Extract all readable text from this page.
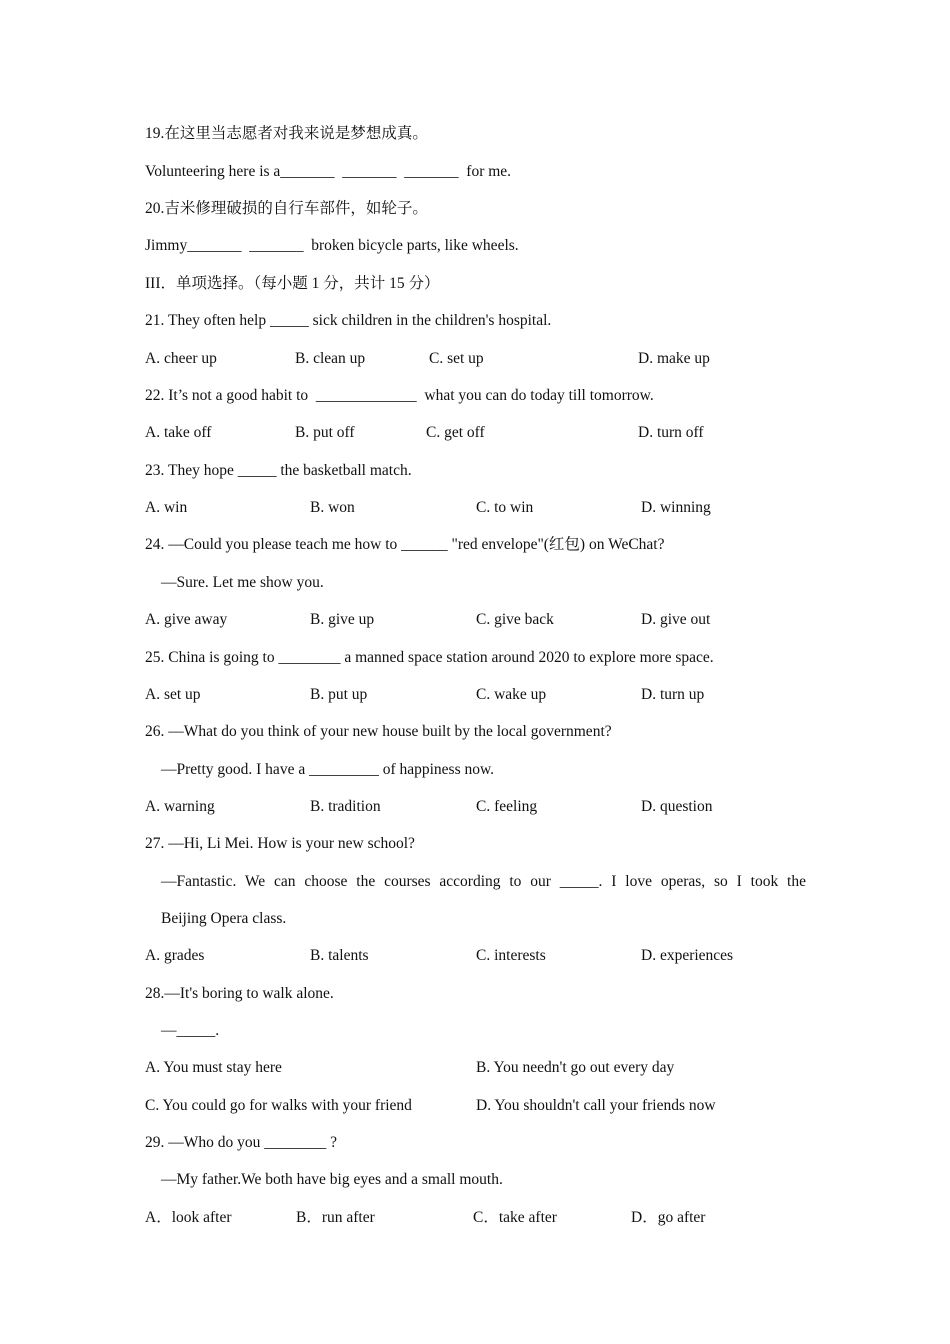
19.在这里当志愿者对我来说是梦想成真。
Volunteering here is a_______  _______  _______  for me.
20.吉米修理破损的自行车部件，如轮子。
Jimmy_______  _______  broken bicycle parts, like wheels.
III．单项选择。（每小题 1 分，共计 15 分）
21. They often help _____ sick children in the children's hospital.
A. cheer up	B. clean up	C. set up	D. make up
22. It’s not a good habit to  _____________  what you can do today till tomorrow.
A. take off	B. put off	C. get off	D. turn off
23. They hope _____ the basketball match.
A. win	B. won	C. to win	D. winning
24. —Could you please teach me how to ______ "red envelope"(红包) on WeChat?
—Sure. Let me show you.
A. give away	B. give up	C. give back	D. give out
25. China is going to ________ a manned space station around 2020 to explore more space.
A. set up	B. put up	C. wake up	D. turn up
26. —What do you think of your new house built by the local government?
—Pretty good. I have a _________ of happiness now.
A. warning	B. tradition	C. feeling	D. question
27. —Hi, Li Mei. How is your new school?
—Fantastic. We can choose the courses according to our _____. I love operas, so I took the
Beijing Opera class.
A. grades	B. talents	C. interests	D. experiences
28.—It's boring to walk alone.
—_____.
A. You must stay here	B. You needn't go out every day
C. You could go for walks with your friend	D. You shouldn't call your friends now
29. —Who do you ________ ?
—My father.We both have big eyes and a small mouth.
A．look after	B．run after	C．take after	D．go after
